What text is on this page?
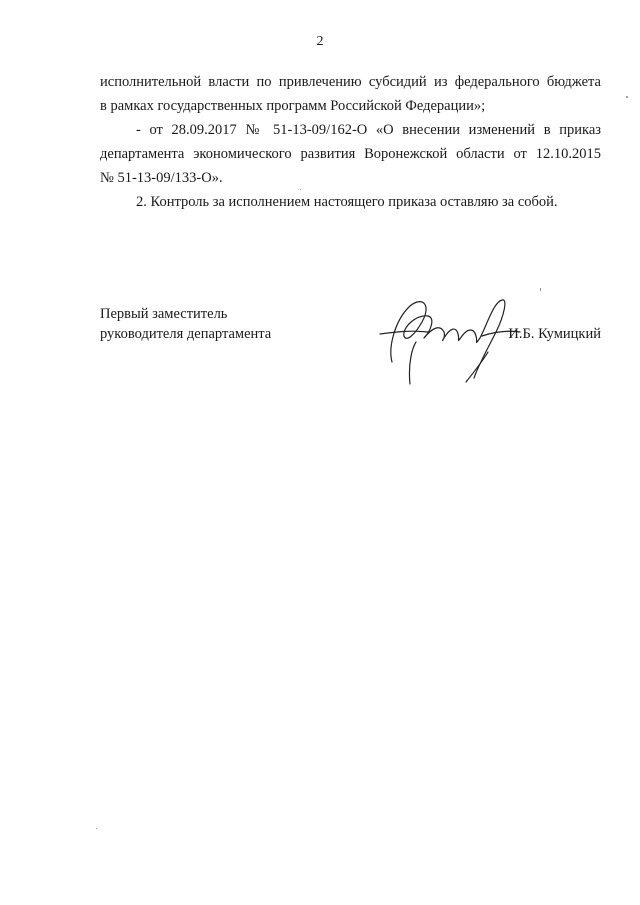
2

исполнительной власти по привлечению субсидий из федерального бюджета
в рамках государственных программ Российской Федерации»;

- от 28.09.2017 № 51-13-09/162-О «О внесении изменений в приказ
департамента экономического развития Воронежской области от 12.10.2015
№ 51-13-09/133-О».

2. Контроль за исполнением настоящего приказа оставляю за собой.

Первый заместитель
руководителя департамента	И.Б. Кумицкий
